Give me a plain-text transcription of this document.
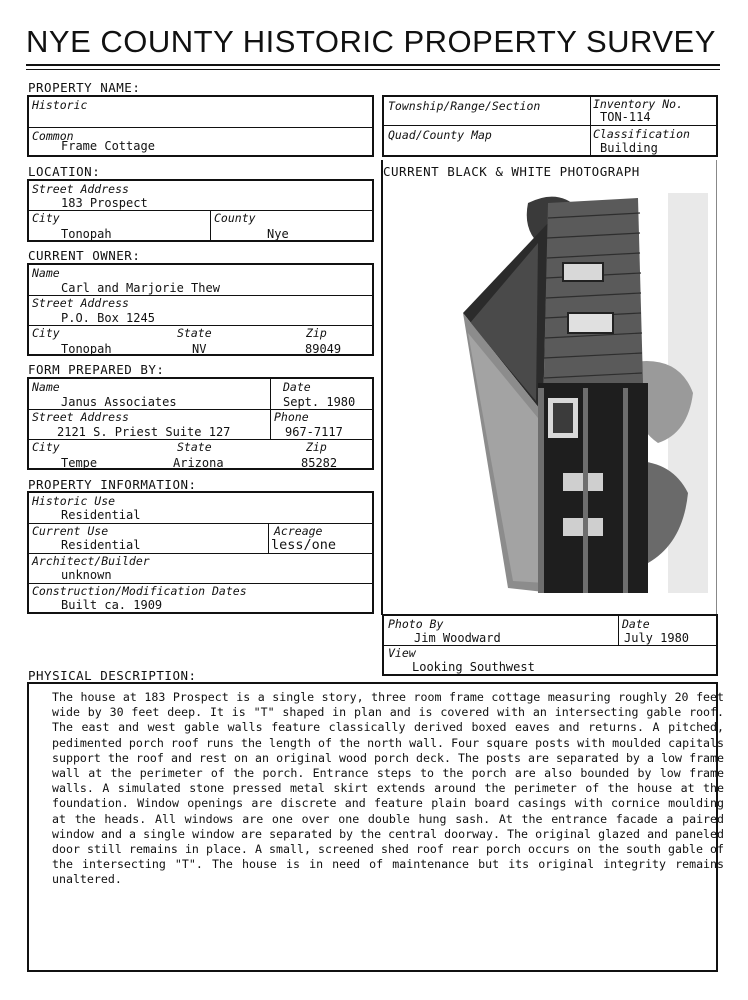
NYE COUNTY HISTORIC PROPERTY SURVEY
PROPERTY NAME:
Historic
Common
Frame Cottage
LOCATION:
Street Address
183 Prospect
City
Tonopah
County
Nye
CURRENT OWNER:
Name
Carl and Marjorie Thew
Street Address
P.O. Box 1245
City
Tonopah
State
NV
Zip
89049
FORM PREPARED BY:
Name
Janus Associates
Date
Sept. 1980
Street Address
2121 S. Priest Suite 127
Phone
967-7117
City
Tempe
State
Arizona
Zip
85282
PROPERTY INFORMATION:
Historic Use
Residential
Current Use
Residential
Acreage
less/one
Architect/Builder
unknown
Construction/Modification Dates
Built ca. 1909
Township/Range/Section	Inventory No.
TON-114
Quad/County Map	Classification
Building
CURRENT BLACK & WHITE PHOTOGRAPH
Photo By
Jim Woodward
Date
July 1980
View
Looking Southwest
PHYSICAL DESCRIPTION:
The house at 183 Prospect is a single story, three room frame cottage measuring roughly 20 feet wide by 30 feet deep. It is "T" shaped in plan and is covered with an intersecting gable roof. The east and west gable walls feature classically derived boxed eaves and returns. A pitched, pedimented porch roof runs the length of the north wall. Four square posts with moulded capitals support the roof and rest on an original wood porch deck. The posts are separated by a low frame wall at the perimeter of the porch. Entrance steps to the porch are also bounded by low frame walls. A simulated stone pressed metal skirt extends around the perimeter of the house at the foundation. Window openings are discrete and feature plain board casings with cornice moulding at the heads. All windows are one over one double hung sash. At the entrance facade a paired window and a single window are separated by the central doorway. The original glazed and paneled door still remains in place. A small, screened shed roof rear porch occurs on the south gable of the intersecting "T". The house is in need of maintenance but its original integrity remains unaltered.
